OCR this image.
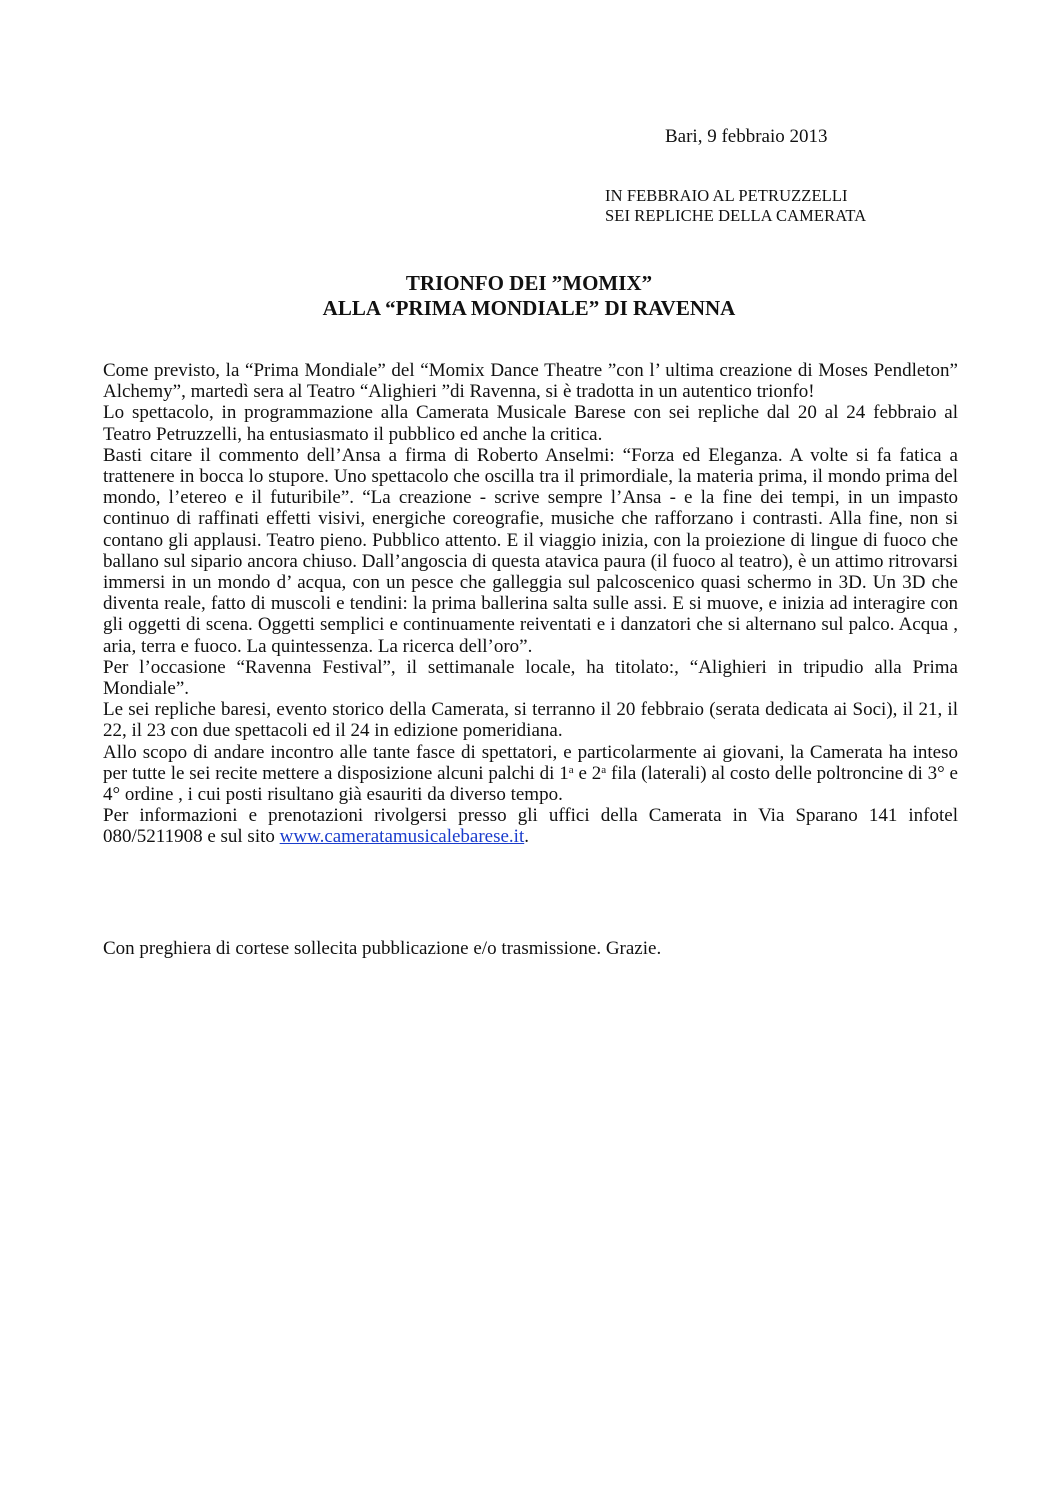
Bari, 9 febbraio 2013
IN FEBBRAIO AL PETRUZZELLI
SEI REPLICHE DELLA CAMERATA
TRIONFO DEI ”MOMIX”
ALLA “PRIMA MONDIALE” DI RAVENNA

Come previsto, la “Prima Mondiale” del “Momix Dance Theatre ”con l’ ultima creazione di Moses Pendleton” Alchemy”, martedì sera al Teatro “Alighieri ”di Ravenna, si è tradotta in un autentico trionfo!

Lo spettacolo, in programmazione alla Camerata Musicale Barese con sei repliche dal 20 al 24 febbraio al Teatro Petruzzelli, ha entusiasmato il pubblico ed anche la critica.

Basti citare il commento dell’Ansa a firma di Roberto Anselmi: “Forza ed Eleganza. A volte si fa fatica a trattenere in bocca lo stupore. Uno spettacolo che oscilla tra il primordiale, la materia prima, il mondo prima del mondo, l’etereo e il futuribile”. “La creazione - scrive sempre l’Ansa - e la fine dei tempi, in un impasto continuo di raffinati effetti visivi, energiche coreografie, musiche che rafforzano i contrasti. Alla fine, non si contano gli applausi. Teatro pieno. Pubblico attento. E il viaggio inizia, con la proiezione di lingue di fuoco che ballano sul sipario ancora chiuso. Dall’angoscia di questa atavica paura (il fuoco al teatro), è un attimo ritrovarsi immersi in un mondo d’ acqua, con un pesce che galleggia sul palcoscenico quasi schermo in 3D. Un 3D che diventa reale, fatto di muscoli e tendini: la prima ballerina salta sulle assi. E si muove, e inizia ad interagire con gli oggetti di scena. Oggetti semplici e continuamente reiventati e i danzatori che si alternano sul palco. Acqua , aria, terra e fuoco. La quintessenza. La ricerca dell’oro”.

Per l’occasione “Ravenna Festival”, il settimanale locale, ha titolato:, “Alighieri in tripudio alla Prima Mondiale”.

Le sei repliche baresi, evento storico della Camerata, si terranno il 20 febbraio (serata dedicata ai Soci), il 21, il 22, il 23 con due spettacoli ed il 24 in edizione pomeridiana.

Allo scopo di andare incontro alle tante fasce di spettatori, e particolarmente ai giovani, la Camerata ha inteso per tutte le sei recite mettere a disposizione alcuni palchi di 1$^a$ e 2$^a$ fila (laterali) al costo delle poltroncine di 3° e 4° ordine , i cui posti risultano già esauriti da diverso tempo.

Per informazioni e prenotazioni rivolgersi presso gli uffici della Camerata in Via Sparano 141 infotel 080/5211908 e sul sito www.cameratamusicalebarese.it.

Con preghiera di cortese sollecita pubblicazione e/o trasmissione. Grazie.
